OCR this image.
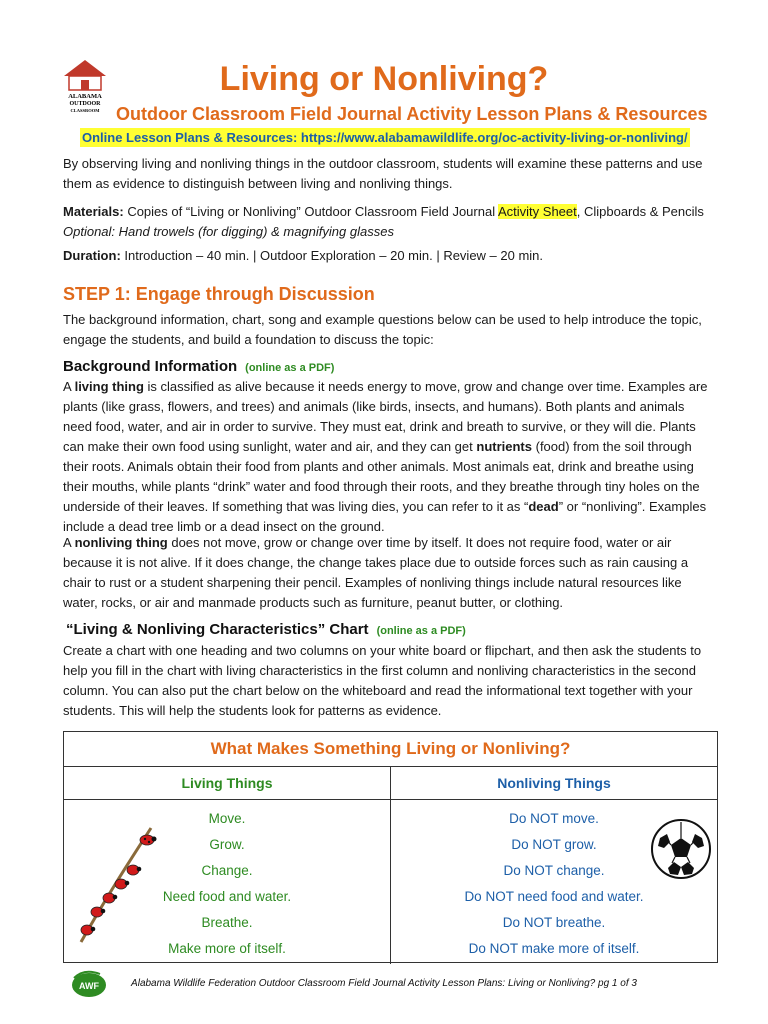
ALABAMA
OUTDOOR
CLASSROOM
Living or Nonliving?
Outdoor Classroom Field Journal Activity Lesson Plans & Resources
Online Lesson Plans & Resources: https://www.alabamawildlife.org/oc-activity-living-or-nonliving/
By observing living and nonliving things in the outdoor classroom, students will examine these patterns and use them as evidence to distinguish between living and nonliving things.
Materials: Copies of “Living or Nonliving” Outdoor Classroom Field Journal Activity Sheet, Clipboards & Pencils Optional: Hand trowels (for digging) & magnifying glasses
Duration: Introduction – 40 min. | Outdoor Exploration – 20 min. | Review – 20 min.
STEP 1: Engage through Discussion
The background information, chart, song and example questions below can be used to help introduce the topic, engage the students, and build a foundation to discuss the topic:
Background Information (online as a PDF)
A living thing is classified as alive because it needs energy to move, grow and change over time. Examples are plants (like grass, flowers, and trees) and animals (like birds, insects, and humans). Both plants and animals need food, water, and air in order to survive. They must eat, drink and breath to survive, or they will die. Plants can make their own food using sunlight, water and air, and they can get nutrients (food) from the soil through their roots. Animals obtain their food from plants and other animals. Most animals eat, drink and breathe using their mouths, while plants “drink” water and food through their roots, and they breathe through tiny holes on the underside of their leaves. If something that was living dies, you can refer to it as “dead” or “nonliving”. Examples include a dead tree limb or a dead insect on the ground.
A nonliving thing does not move, grow or change over time by itself. It does not require food, water or air because it is not alive. If it does change, the change takes place due to outside forces such as rain causing a chair to rust or a student sharpening their pencil. Examples of nonliving things include natural resources like water, rocks, or air and manmade products such as furniture, peanut butter, or clothing.
“Living & Nonliving Characteristics” Chart (online as a PDF)
Create a chart with one heading and two columns on your white board or flipchart, and then ask the students to help you fill in the chart with living characteristics in the first column and nonliving characteristics in the second column. You can also put the chart below on the whiteboard and read the informational text together with your students. This will help the students look for patterns as evidence.
What Makes Something Living or Nonliving?
Living Things	Nonliving Things
Move.
Grow.
Change.
Need food and water.
Breathe.
Make more of itself.
Do NOT move.
Do NOT grow.
Do NOT change.
Do NOT need food and water.
Do NOT breathe.
Do NOT make more of itself.
AWF	Alabama Wildlife Federation Outdoor Classroom Field Journal Activity Lesson Plans: Living or Nonliving? pg 1 of 3
